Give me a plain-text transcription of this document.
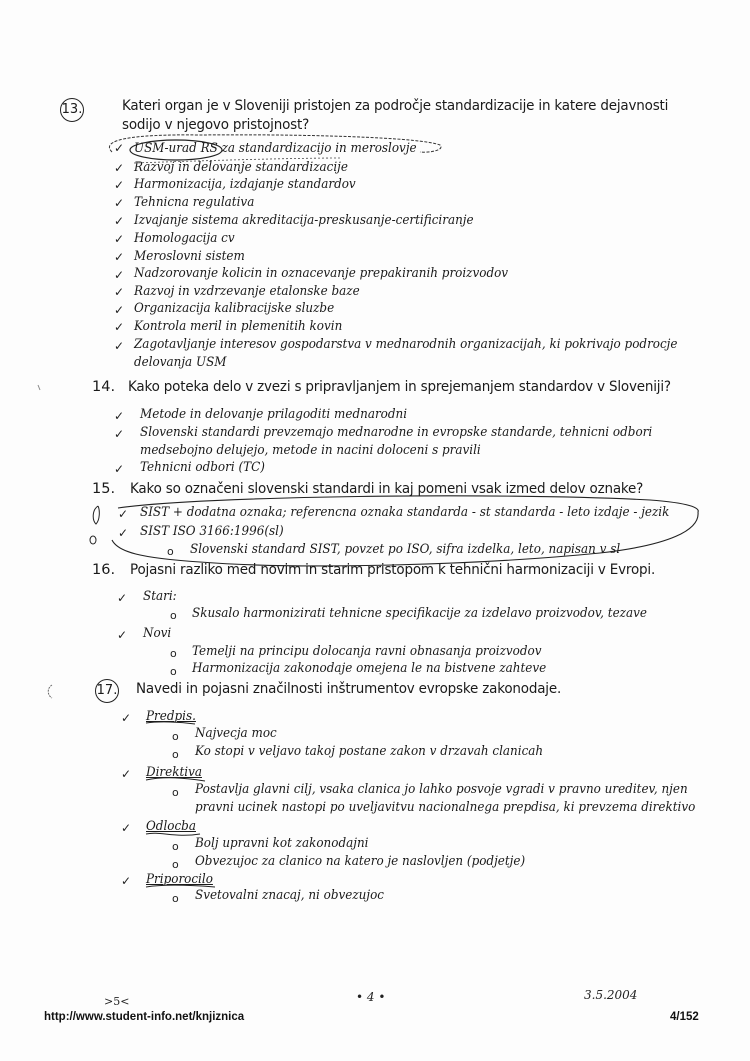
13.	Kateri organ je v Sloveniji pristojen za področje standardizacije in katere dejavnosti
sodijo v njegovo pristojnost?
✓ USM-urad RS za standardizacijo in meroslovje
✓ Razvoj in delovanje standardizacije
✓ Harmonizacija, izdajanje standardov
✓ Tehnicna regulativa
✓ Izvajanje sistema akreditacija-preskusanje-certificiranje
✓ Homologacija cv
✓ Meroslovni sistem
✓ Nadzorovanje kolicin in oznacevanje prepakiranih proizvodov
✓ Razvoj in vzdrzevanje etalonske baze
✓ Organizacija kalibracijske sluzbe
✓ Kontrola meril in plemenitih kovin
✓ Zagotavljanje interesov gospodarstva v mednarodnih organizacijah, ki pokrivajo podrocje
delovanja USM
14. Kako poteka delo v zvezi s pripravljanjem in sprejemanjem standardov v Sloveniji?
✓ Metode in delovanje prilagoditi mednarodni
✓ Slovenski standardi prevzemajo mednarodne in evropske standarde, tehnicni odbori
medsebojno delujejo, metode in nacini doloceni s pravili
✓ Tehnicni odbori (TC)
15. Kako so označeni slovenski standardi in kaj pomeni vsak izmed delov oznake?
✓ SIST + dodatna oznaka; referencna oznaka standarda - st standarda - leto izdaje - jezik
✓ SIST ISO 3166:1996(sl)
o Slovenski standard SIST, povzet po ISO, sifra izdelka, leto, napisan v sl
16. Pojasni razliko med novim in starim pristopom k tehnični harmonizaciji v Evropi.
✓ Stari:
o Skusalo harmonizirati tehnicne specifikacije za izdelavo proizvodov, tezave
✓ Novi
o Temelji na principu dolocanja ravni obnasanja proizvodov
o Harmonizacija zakonodaje omejena le na bistvene zahteve
17. Navedi in pojasni značilnosti inštrumentov evropske zakonodaje.
✓ Predpis.
o Najvecja moc
o Ko stopi v veljavo takoj postane zakon v drzavah clanicah
✓ Direktiva
o Postavlja glavni cilj, vsaka clanica jo lahko posvoje vgradi v pravno ureditev, njen
pravni ucinek nastopi po uveljavitvu nacionalnega prepdisa, ki prevzema direktivo
✓ Odlocba
o Bolj upravni kot zakonodajni
o Obvezujoc za clanico na katero je naslovljen (podjetje)
✓ Priporocilo
o Svetovalni znacaj, ni obvezujoc
>5<	• 4 •	3.5.2004
http://www.student-info.net/knjiznica	4/152
